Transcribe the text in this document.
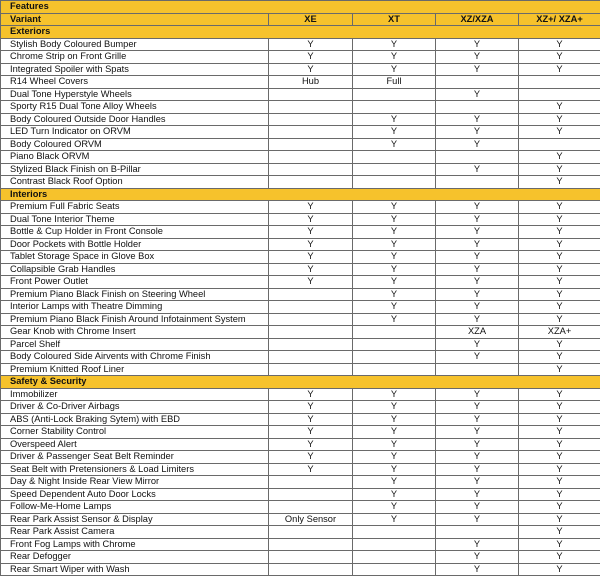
Features				
Variant	XE	XT	XZ/XZA	XZ+/ XZA+
Exteriors				
Stylish Body Coloured Bumper	Y	Y	Y	Y
Chrome Strip on Front Grille	Y	Y	Y	Y
Integrated Spoiler with Spats	Y	Y	Y	Y
R14 Wheel Covers	Hub	Full		
Dual Tone Hyperstyle Wheels			Y	
Sporty R15 Dual Tone Alloy Wheels				Y
Body Coloured Outside Door Handles		Y	Y	Y
LED Turn Indicator on ORVM		Y	Y	Y
Body Coloured ORVM		Y	Y	
Piano Black ORVM				Y
Stylized Black Finish on B-Pillar			Y	Y
Contrast Black Roof Option				Y
Interiors				
Premium Full Fabric Seats	Y	Y	Y	Y
Dual Tone Interior Theme	Y	Y	Y	Y
Bottle & Cup Holder in Front Console	Y	Y	Y	Y
Door Pockets with Bottle Holder	Y	Y	Y	Y
Tablet Storage Space in Glove Box	Y	Y	Y	Y
Collapsible Grab Handles	Y	Y	Y	Y
Front Power Outlet	Y	Y	Y	Y
Premium Piano Black Finish on Steering Wheel		Y	Y	Y
Interior Lamps with Theatre Dimming		Y	Y	Y
Premium Piano Black Finish Around Infotainment System		Y	Y	Y
Gear Knob with Chrome Insert			XZA	XZA+
Parcel Shelf			Y	Y
Body Coloured Side Airvents with Chrome Finish			Y	Y
Premium Knitted Roof Liner				Y
Safety & Security				
Immobilizer	Y	Y	Y	Y
Driver & Co-Driver Airbags	Y	Y	Y	Y
ABS (Anti-Lock Braking Sytem) with EBD	Y	Y	Y	Y
Corner Stability Control	Y	Y	Y	Y
Overspeed Alert	Y	Y	Y	Y
Driver & Passenger Seat Belt Reminder	Y	Y	Y	Y
Seat Belt with Pretensioners & Load Limiters	Y	Y	Y	Y
Day & Night Inside Rear View Mirror		Y	Y	Y
Speed Dependent Auto Door Locks		Y	Y	Y
Follow-Me-Home Lamps		Y	Y	Y
Rear Park Assist Sensor & Display	Only Sensor	Y	Y	Y
Rear Park Assist Camera				Y
Front Fog Lamps with Chrome			Y	Y
Rear Defogger			Y	Y
Rear Smart Wiper with Wash			Y	Y
